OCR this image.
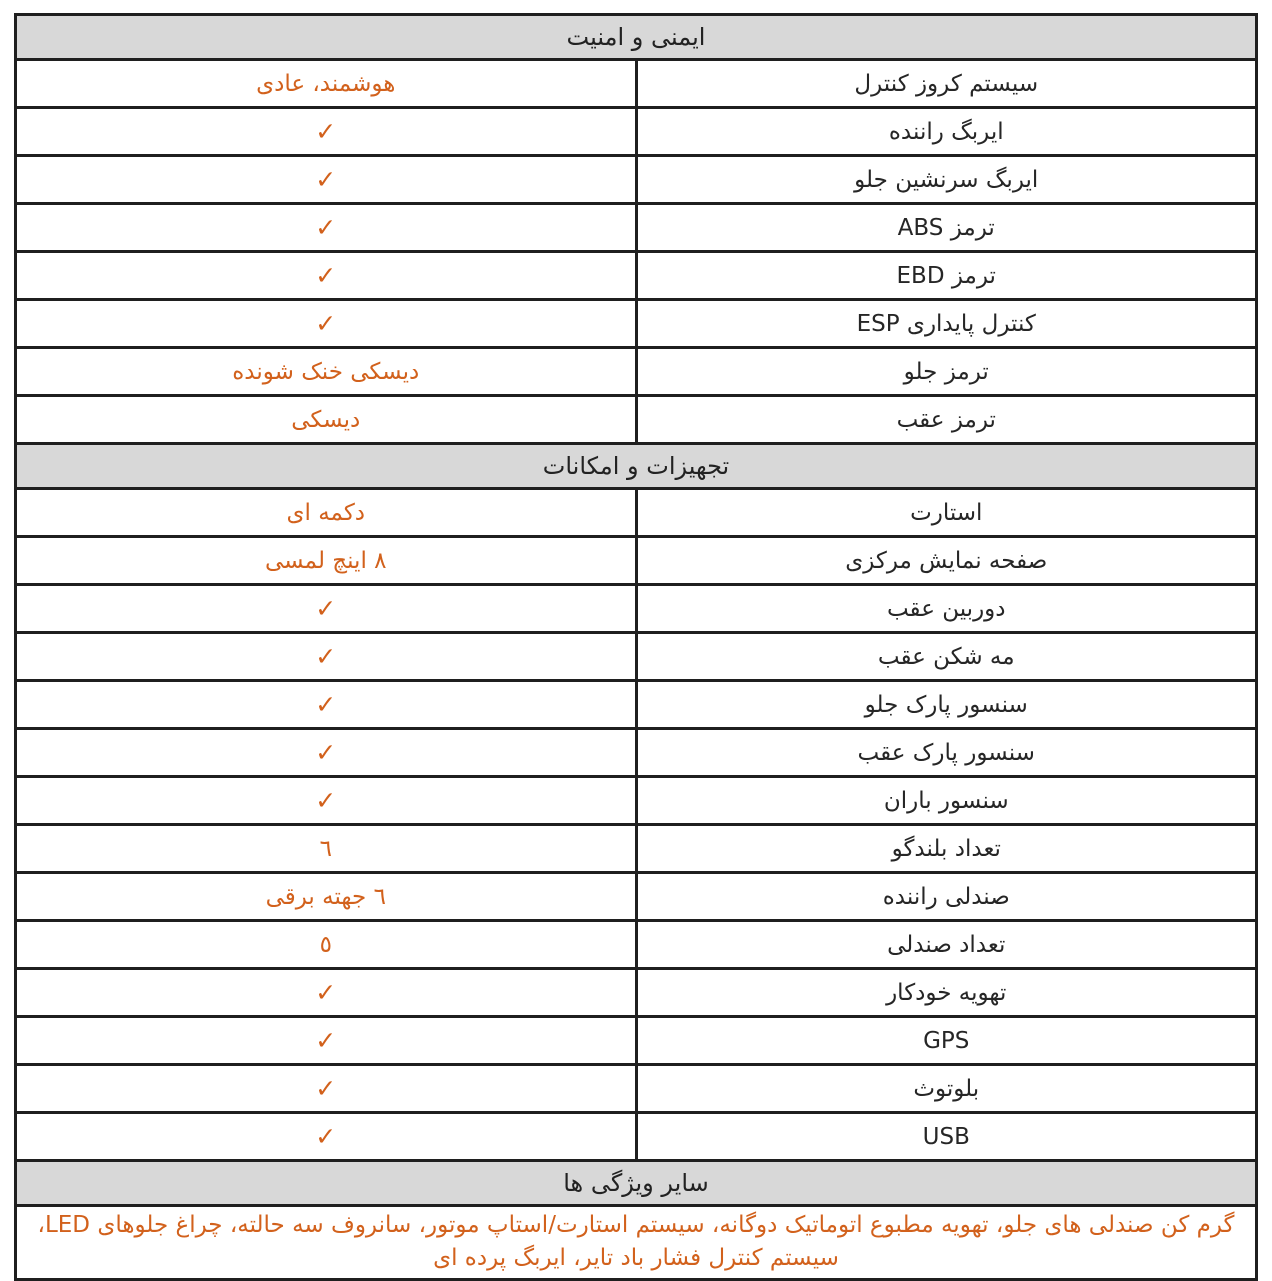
ایمنی و امنیت	
سیستم کروز کنترل	هوشمند، عادی
ایربگ راننده	✓
ایربگ سرنشین جلو	✓
ترمز ABS	✓
ترمز EBD	✓
کنترل پایداری ESP	✓
ترمز جلو	دیسکی خنک شونده
ترمز عقب	دیسکی
تجهیزات و امکانات	
استارت	دکمه ای
صفحه نمایش مرکزی	٨ اینچ لمسی
دوربین عقب	✓
مه شکن عقب	✓
سنسور پارک جلو	✓
سنسور پارک عقب	✓
سنسور باران	✓
تعداد بلندگو	٦
صندلی راننده	٦ جهته برقی
تعداد صندلی	٥
تهویه خودکار	✓
GPS	✓
بلوتوث	✓
USB	✓
سایر ویژگی ها	
گرم کن صندلی های جلو، تهویه مطبوع اتوماتیک دوگانه، سیستم استارت/استاپ موتور، سانروف سه حالته، چراغ جلوهای LED، سیستم کنترل فشار باد تایر، ایربگ پرده ای	
